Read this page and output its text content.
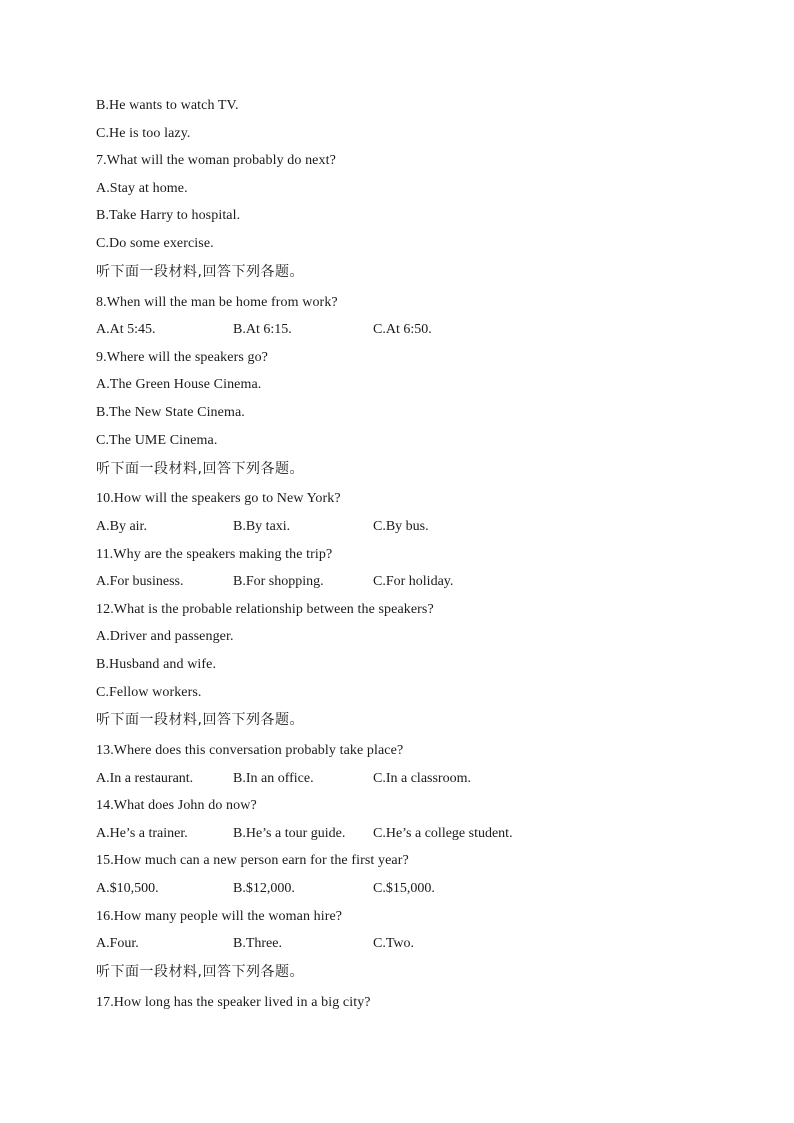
B.He wants to watch TV.
C.He is too lazy.
7.What will the woman probably do next?
A.Stay at home.
B.Take Harry to hospital.
C.Do some exercise.
听下面一段材料,回答下列各题。
8.When will the man be home from work?
A.At 5:45.	B.At 6:15.	C.At 6:50.
9.Where will the speakers go?
A.The Green House Cinema.
B.The New State Cinema.
C.The UME Cinema.
听下面一段材料,回答下列各题。
10.How will the speakers go to New York?
A.By air.	B.By taxi.	C.By bus.
11.Why are the speakers making the trip?
A.For business.	B.For shopping.	C.For holiday.
12.What is the probable relationship between the speakers?
A.Driver and passenger.
B.Husband and wife.
C.Fellow workers.
听下面一段材料,回答下列各题。
13.Where does this conversation probably take place?
A.In a restaurant.	B.In an office.	C.In a classroom.
14.What does John do now?
A.He’s a trainer.	B.He’s a tour guide. C.He’s a college student.
15.How much can a new person earn for the first year?
A.$10,500.	B.$12,000.	C.$15,000.
16.How many people will the woman hire?
A.Four.	B.Three.	C.Two.
听下面一段材料,回答下列各题。
17.How long has the speaker lived in a big city?
